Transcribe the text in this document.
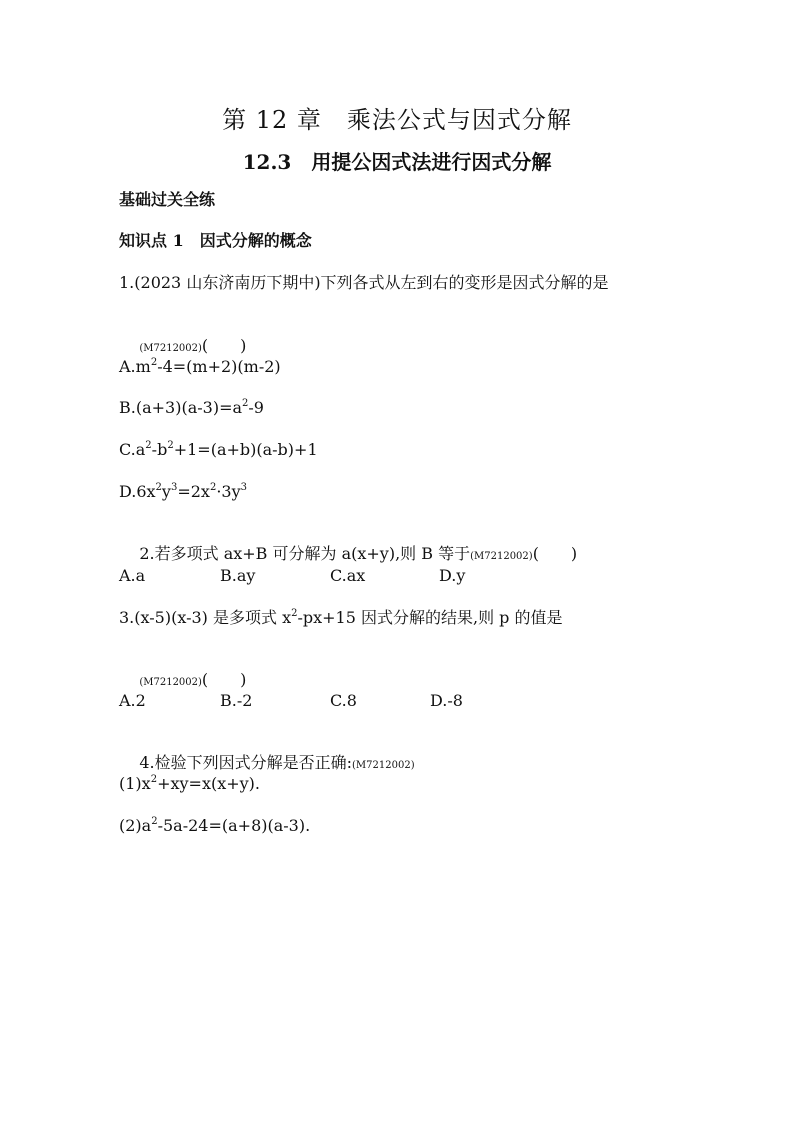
第 12 章　乘法公式与因式分解
12.3　用提公因式法进行因式分解
基础过关全练
知识点 1　因式分解的概念
1.(2023 山东济南历下期中)下列各式从左到右的变形是因式分解的是

(M7212002)(　　)

$A.m^2-4=(m+2)(m-2)$
$B.(a+3)(a-3)=a^2-9$
$C.a^2-b^2+1=(a+b)(a-b)+1$
$D.6x^2y^3=2x^2\cdot 3y^3$

2.若多项式 ax+B 可分解为 a(x+y),则 B 等于(M7212002)(　　)

A.a	B.ay	C.ax	D.y
3.(x-5)(x-3) 是多项式 $x^2-px+15$ 因式分解的结果,则 p 的值是

(M7212002)(　　)

A.2	B.-2	C.8	D.-8

4.检验下列因式分解是否正确:(M7212002)

$(1)x^2+xy=x(x+y)$.
$(2)a^2-5a-24=(a+8)(a-3)$.
